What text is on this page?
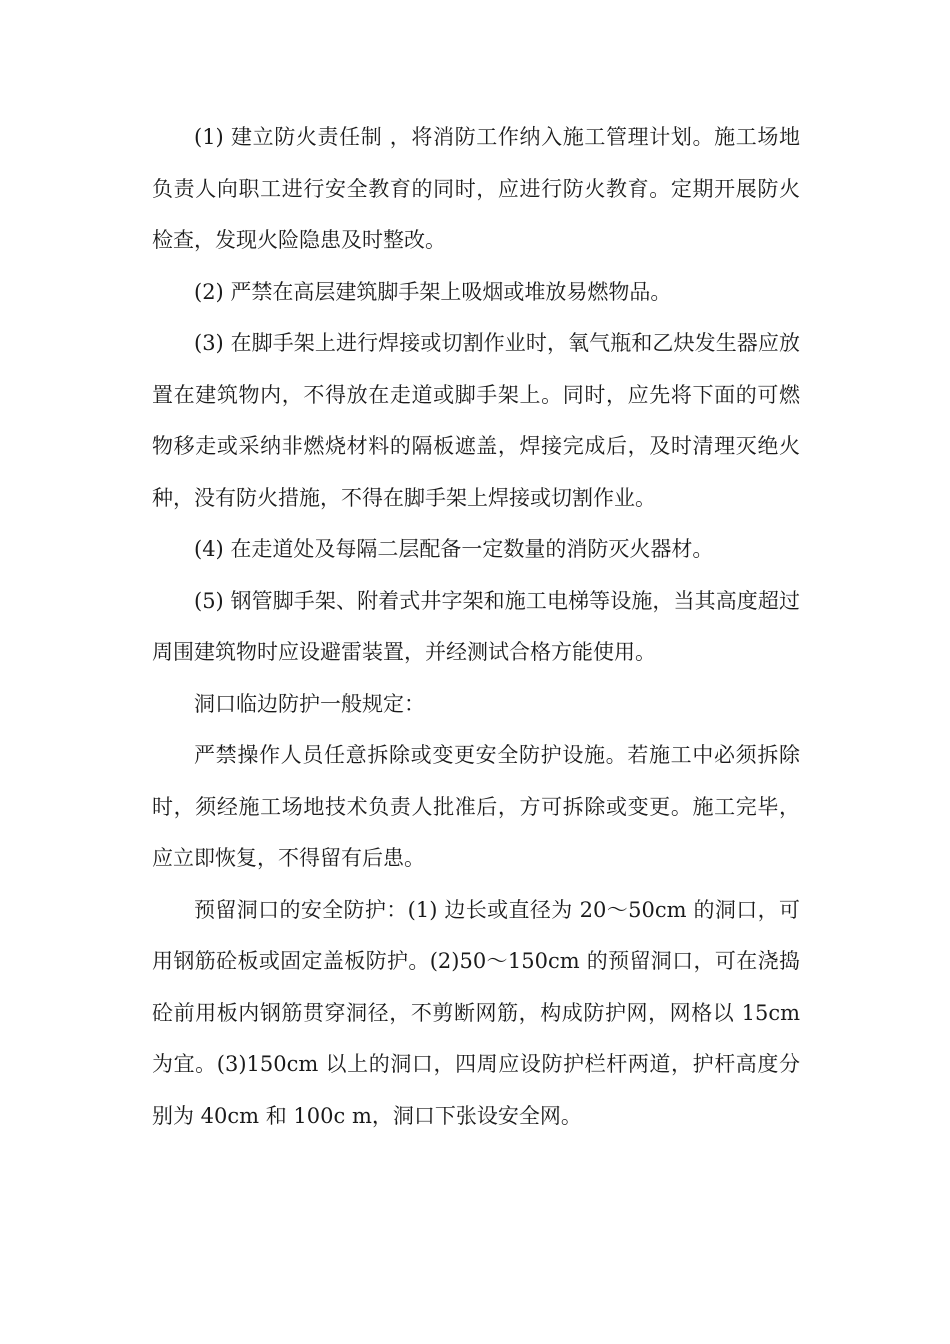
(1) 建立防火责任制 ，将消防工作纳入施工管理计划。施工场地负责人向职工进行安全教育的同时，应进行防火教育。定期开展防火检查，发现火险隐患及时整改。

(2) 严禁在高层建筑脚手架上吸烟或堆放易燃物品。

(3) 在脚手架上进行焊接或切割作业时，氧气瓶和乙炔发生器应放置在建筑物内，不得放在走道或脚手架上。同时，应先将下面的可燃物移走或采纳非燃烧材料的隔板遮盖，焊接完成后，及时清理灭绝火种，没有防火措施，不得在脚手架上焊接或切割作业。

(4) 在走道处及每隔二层配备一定数量的消防灭火器材。

(5) 钢管脚手架、附着式井字架和施工电梯等设施，当其高度超过周围建筑物时应设避雷装置，并经测试合格方能使用。

洞口临边防护一般规定：

严禁操作人员任意拆除或变更安全防护设施。若施工中必须拆除时，须经施工场地技术负责人批准后，方可拆除或变更。施工完毕，应立即恢复，不得留有后患。

预留洞口的安全防护：(1) 边长或直径为 20～50cm 的洞口，可用钢筋砼板或固定盖板防护。(2)50～150cm 的预留洞口，可在浇捣砼前用板内钢筋贯穿洞径，不剪断网筋，构成防护网，网格以 15cm 为宜。(3)150cm 以上的洞口，四周应设防护栏杆两道，护杆高度分别为 40cm 和 100c m，洞口下张设安全网。
